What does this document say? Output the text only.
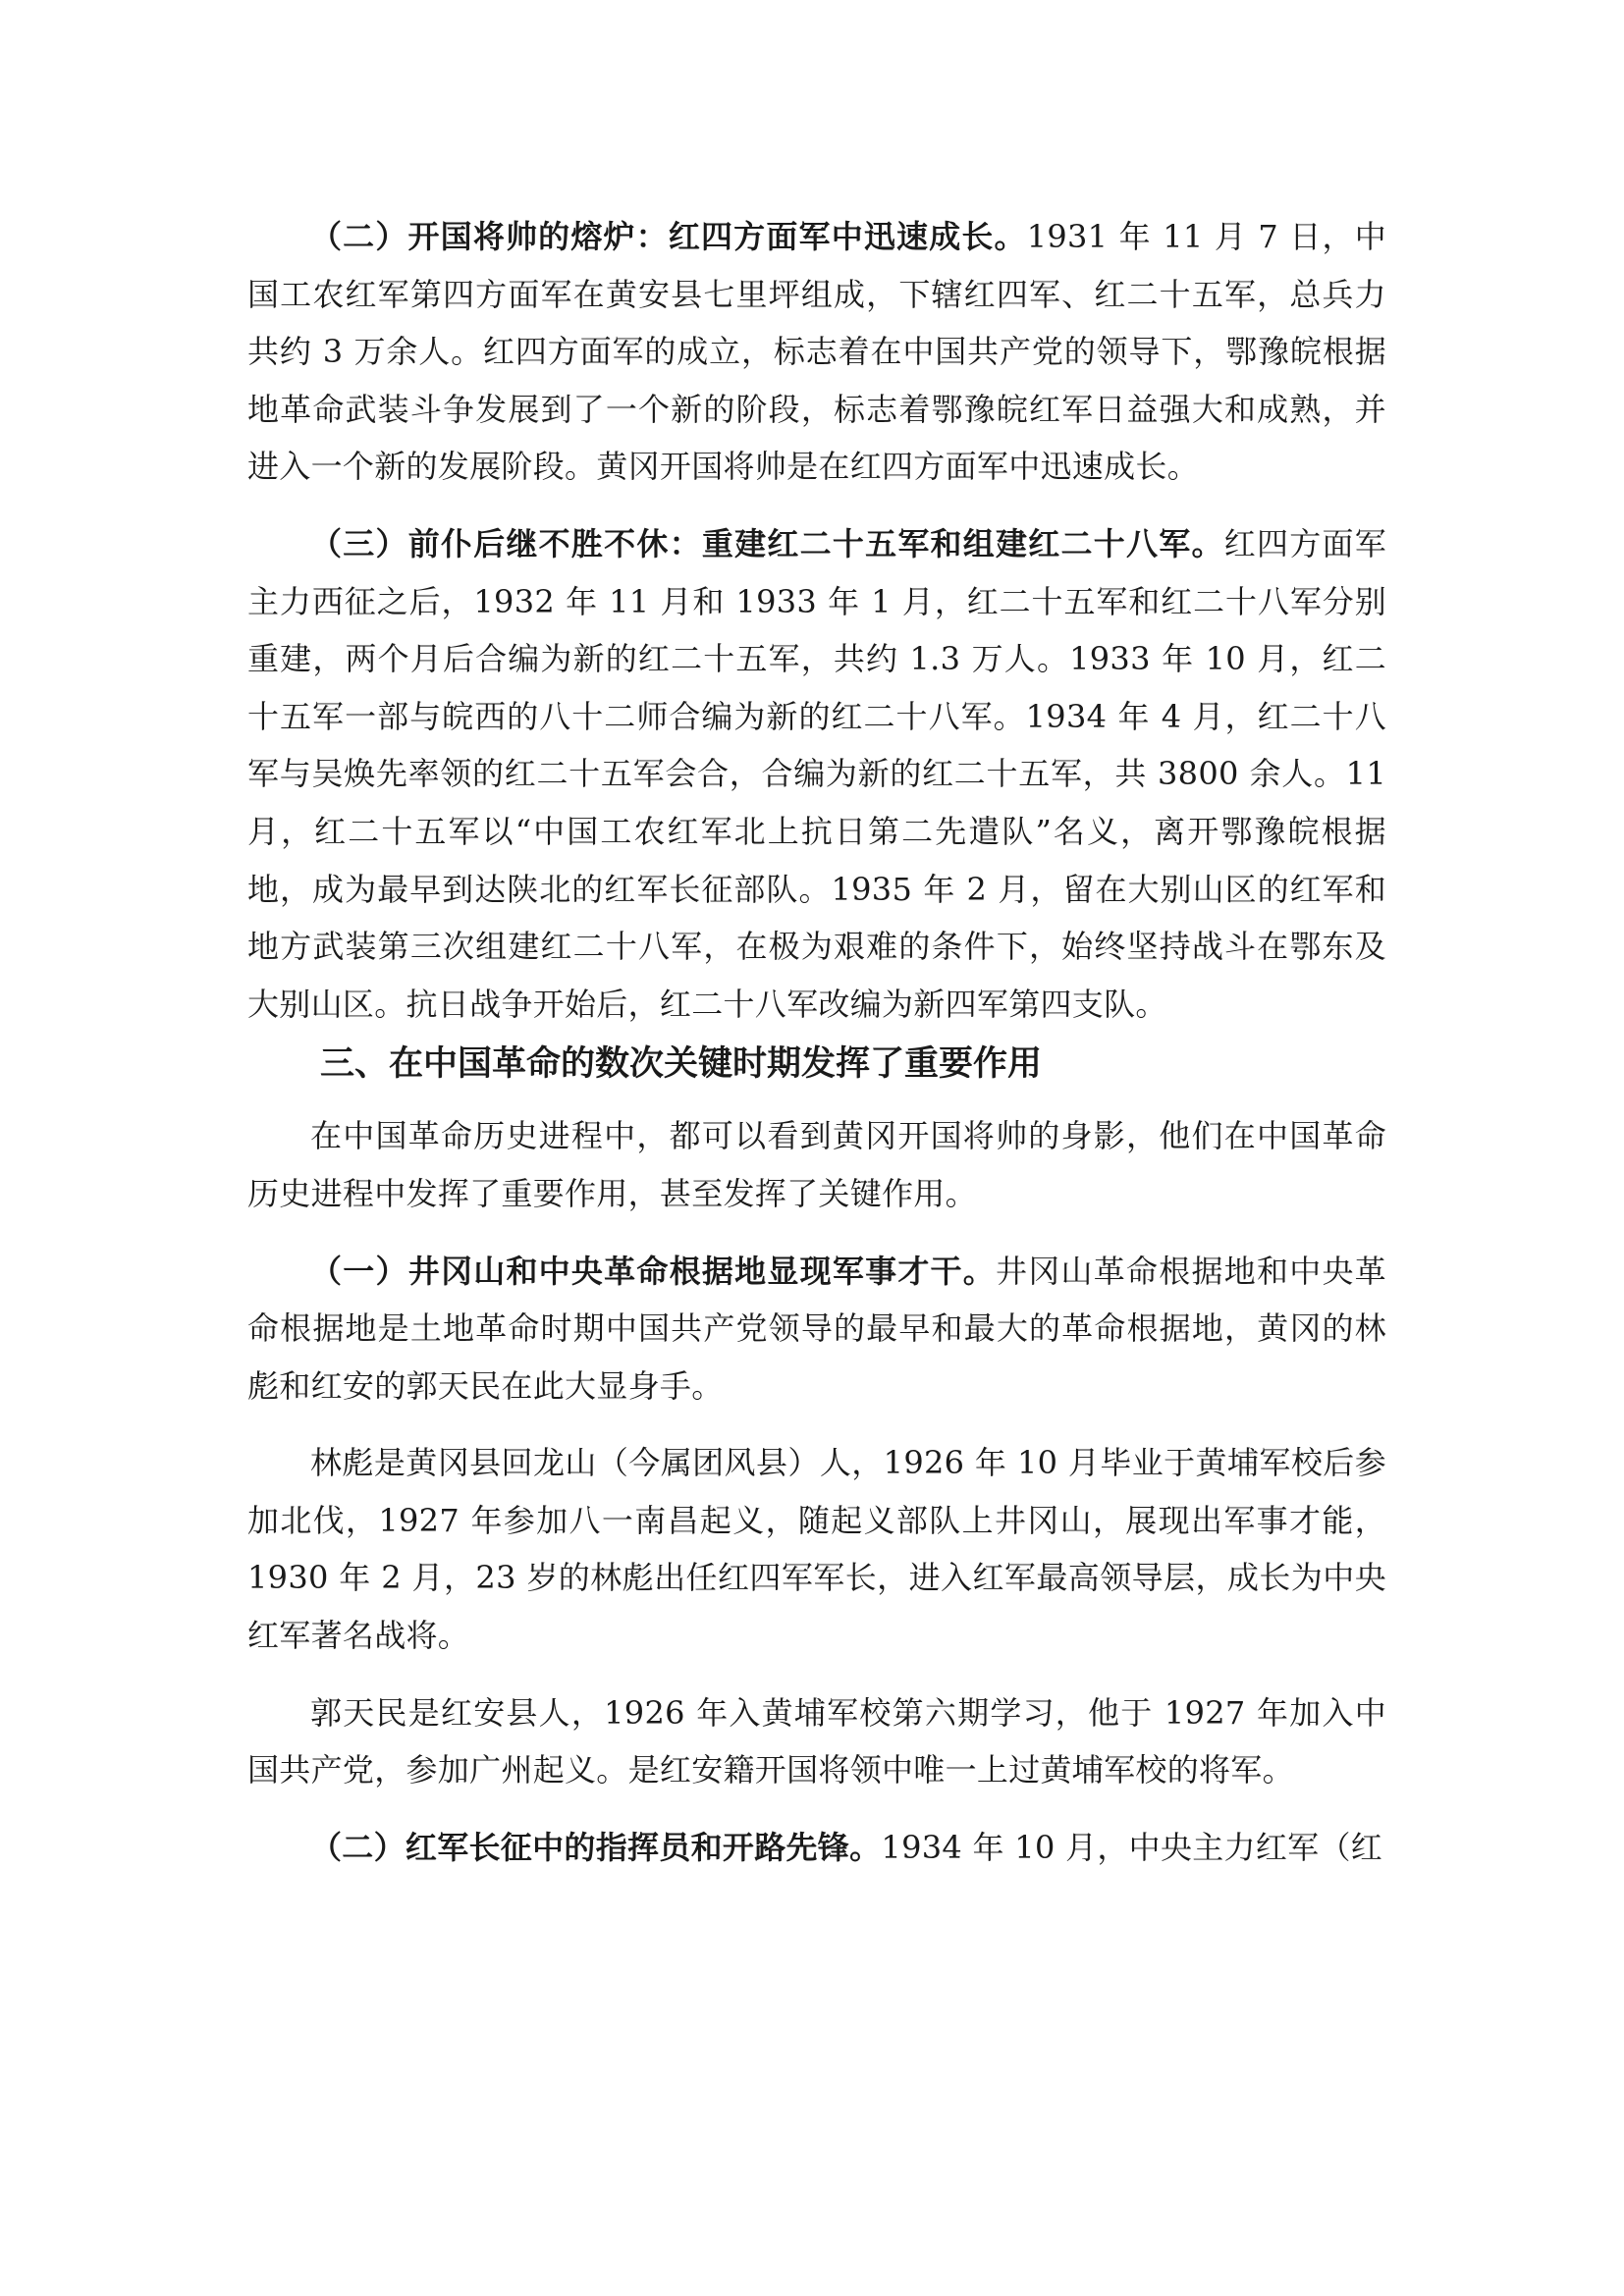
（二）开国将帅的熔炉：红四方面军中迅速成长。1931 年 11 月 7 日，中国工农红军第四方面军在黄安县七里坪组成，下辖红四军、红二十五军，总兵力共约 3 万余人。红四方面军的成立，标志着在中国共产党的领导下，鄂豫皖根据地革命武装斗争发展到了一个新的阶段，标志着鄂豫皖红军日益强大和成熟，并进入一个新的发展阶段。黄冈开国将帅是在红四方面军中迅速成长。

（三）前仆后继不胜不休：重建红二十五军和组建红二十八军。红四方面军主力西征之后，1932 年 11 月和 1933 年 1 月，红二十五军和红二十八军分别重建，两个月后合编为新的红二十五军，共约 1.3 万人。1933 年 10 月，红二十五军一部与皖西的八十二师合编为新的红二十八军。1934 年 4 月，红二十八军与吴焕先率领的红二十五军会合，合编为新的红二十五军，共 3800 余人。11 月，红二十五军以“中国工农红军北上抗日第二先遣队”名义，离开鄂豫皖根据地，成为最早到达陕北的红军长征部队。1935 年 2 月，留在大别山区的红军和地方武装第三次组建红二十八军，在极为艰难的条件下，始终坚持战斗在鄂东及大别山区。抗日战争开始后，红二十八军改编为新四军第四支队。

三、在中国革命的数次关键时期发挥了重要作用

在中国革命历史进程中，都可以看到黄冈开国将帅的身影，他们在中国革命历史进程中发挥了重要作用，甚至发挥了关键作用。

（一）井冈山和中央革命根据地显现军事才干。井冈山革命根据地和中央革命根据地是土地革命时期中国共产党领导的最早和最大的革命根据地，黄冈的林彪和红安的郭天民在此大显身手。

林彪是黄冈县回龙山（今属团风县）人，1926 年 10 月毕业于黄埔军校后参加北伐，1927 年参加八一南昌起义，随起义部队上井冈山，展现出军事才能，1930 年 2 月，23 岁的林彪出任红四军军长，进入红军最高领导层，成长为中央红军著名战将。

郭天民是红安县人，1926 年入黄埔军校第六期学习，他于 1927 年加入中国共产党，参加广州起义。是红安籍开国将领中唯一上过黄埔军校的将军。

（二）红军长征中的指挥员和开路先锋。1934 年 10 月，中央主力红军（红
